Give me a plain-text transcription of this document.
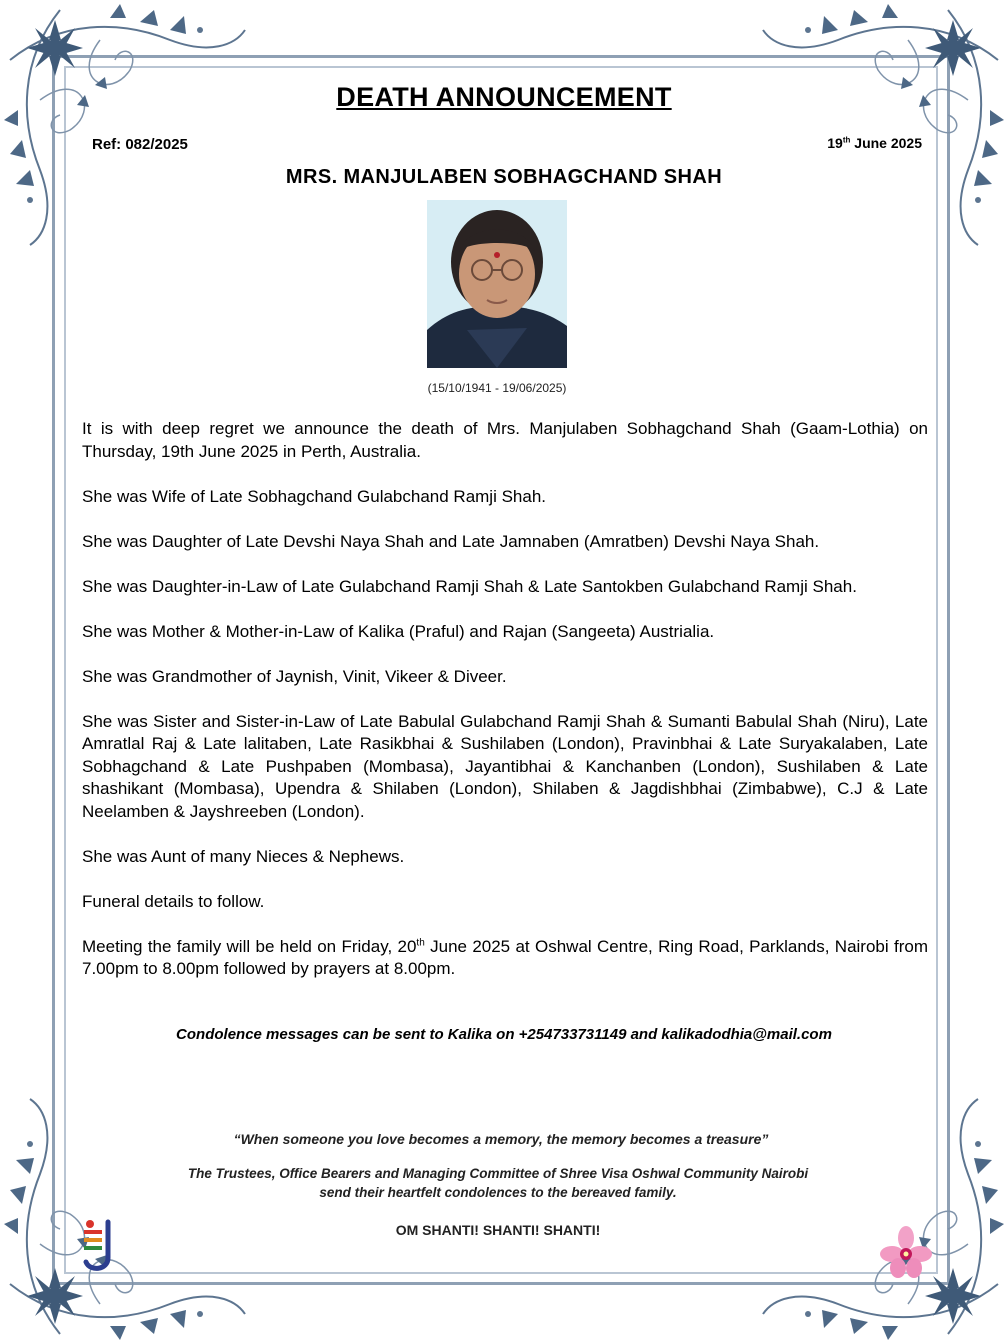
DEATH ANNOUNCEMENT
Ref: 082/2025	19th June 2025
MRS. MANJULABEN SOBHAGCHAND SHAH
(15/10/1941 - 19/06/2025)

It is with deep regret we announce the death of Mrs. Manjulaben Sobhagchand Shah (Gaam-Lothia) on Thursday, 19th June 2025 in Perth, Australia.

She was Wife of Late Sobhagchand Gulabchand Ramji Shah.

She was Daughter of Late Devshi Naya Shah and Late Jamnaben (Amratben) Devshi Naya Shah.

She was Daughter-in-Law of Late Gulabchand Ramji Shah & Late Santokben Gulabchand Ramji Shah.

She was Mother & Mother-in-Law of Kalika (Praful) and Rajan (Sangeeta) Austrialia.

She was Grandmother of Jaynish, Vinit, Vikeer & Diveer.

She was Sister and Sister-in-Law of Late Babulal Gulabchand Ramji Shah & Sumanti Babulal Shah (Niru), Late Amratlal Raj & Late lalitaben, Late Rasikbhai & Sushilaben (London), Pravinbhai & Late Suryakalaben, Late Sobhagchand & Late Pushpaben (Mombasa), Jayantibhai & Kanchanben (London), Sushilaben & Late shashikant (Mombasa), Upendra & Shilaben (London), Shilaben & Jagdishbhai (Zimbabwe), C.J & Late Neelamben & Jayshreeben (London).

She was Aunt of many Nieces & Nephews.

Funeral details to follow.

Meeting the family will be held on Friday, 20th June 2025 at Oshwal Centre, Ring Road, Parklands, Nairobi from 7.00pm to 8.00pm followed by prayers at 8.00pm.

Condolence messages can be sent to Kalika on +254733731149 and kalikadodhia@mail.com
“When someone you love becomes a memory, the memory becomes a treasure”
The Trustees, Office Bearers and Managing Committee of Shree Visa Oshwal Community Nairobi
send their heartfelt condolences to the bereaved family.
OM SHANTI! SHANTI! SHANTI!
